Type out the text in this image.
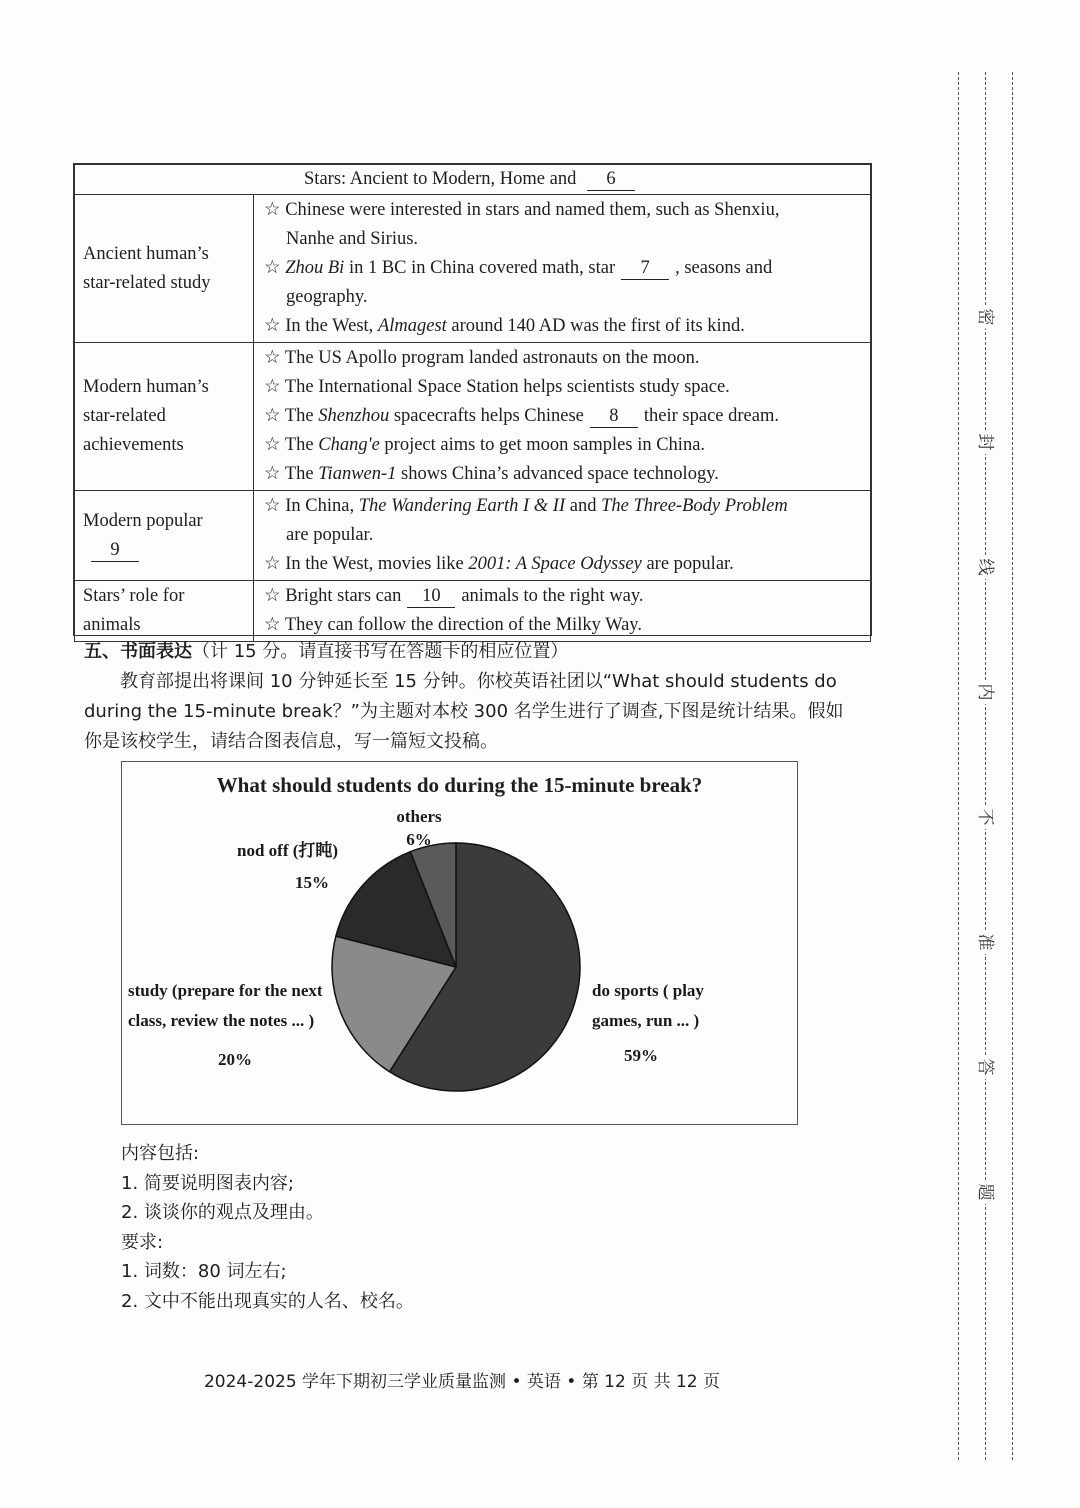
Stars: Ancient to Modern, Home and 6	
Ancient human’s star-related study	☆ Chinese were interested in stars and named them, such as Shenxiu,
Nanhe and Sirius.
☆ Zhou Bi in 1 BC in China covered math, star 7 , seasons and
geography.
☆ In the West, Almagest around 140 AD was the first of its kind.

Modern human’s star-related achievements	☆ The US Apollo program landed astronauts on the moon.
☆ The International Space Station helps scientists study space.
☆ The Shenzhou spacecrafts helps Chinese 8 their space dream.
☆ The Chang'e project aims to get moon samples in China.
☆ The Tianwen-1 shows China’s advanced space technology.

Modern popular
9	☆ In China, The Wandering Earth I & II and The Three-Body Problem
are popular.
☆ In the West, movies like 2001: A Space Odyssey are popular.

Stars’ role for animals	☆ Bright stars can 10 animals to the right way.
☆ They can follow the direction of the Milky Way.
五、书面表达（计 15 分。请直接书写在答题卡的相应位置）
教育部提出将课间 10 分钟延长至 15 分钟。你校英语社团以“What should students do during the 15-minute break？”为主题对本校 300 名学生进行了调查,下图是统计结果。假如你是该校学生，请结合图表信息，写一篇短文投稿。
What should students do during the 15-minute break?
others
6%
nod off (打盹)
15%
study (prepare for the next
class, review the notes ... )
20%
do sports ( play
games, run ... )
59%
内容包括:
1. 简要说明图表内容;
2. 谈谈你的观点及理由。
要求:
1. 词数：80 词左右;
2. 文中不能出现真实的人名、校名。
2024-2025 学年下期初三学业质量监测 • 英语 • 第 12 页 共 12 页
密
封
线
内
不
准
答
题
